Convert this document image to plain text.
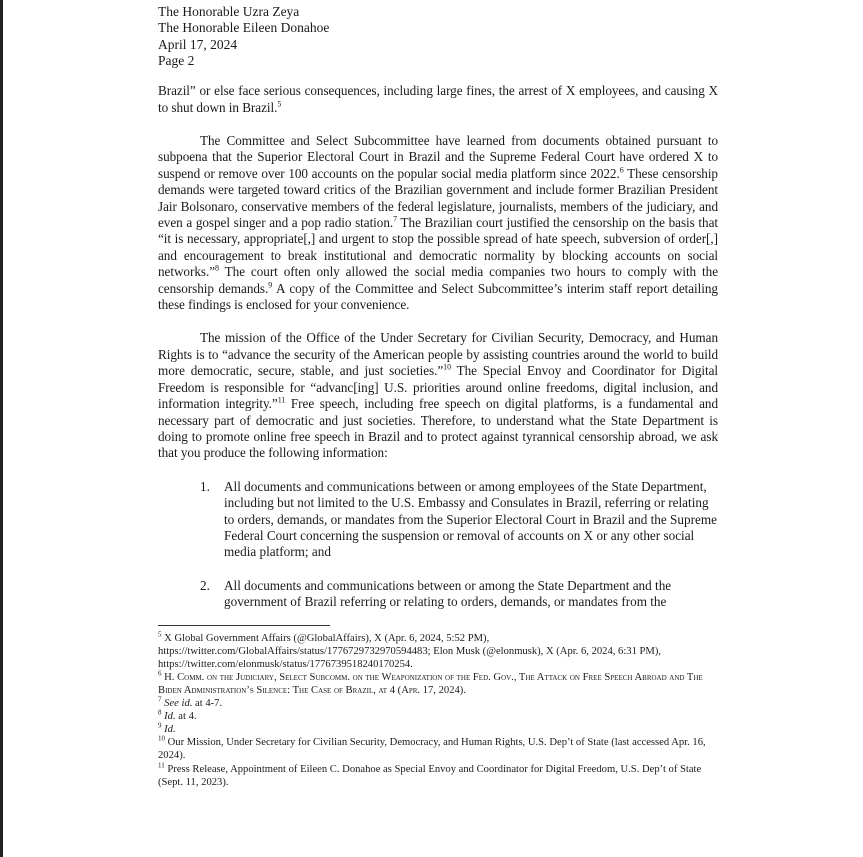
The Honorable Uzra Zeya

The Honorable Eileen Donahoe

April 17, 2024

Page 2

Brazil” or else face serious consequences, including large fines, the arrest of X employees, and causing X to shut down in Brazil.$^5$

The Committee and Select Subcommittee have learned from documents obtained pursuant to subpoena that the Superior Electoral Court in Brazil and the Supreme Federal Court have ordered X to suspend or remove over 100 accounts on the popular social media platform since 2022.$^6$ These censorship demands were targeted toward critics of the Brazilian government and include former Brazilian President Jair Bolsonaro, conservative members of the federal legislature, journalists, members of the judiciary, and even a gospel singer and a pop radio station.$^7$ The Brazilian court justified the censorship on the basis that “it is necessary, appropriate[,] and urgent to stop the possible spread of hate speech, subversion of order[,] and encouragement to break institutional and democratic normality by blocking accounts on social networks.”$^8$ The court often only allowed the social media companies two hours to comply with the censorship demands.$^9$ A copy of the Committee and Select Subcommittee’s interim staff report detailing these findings is enclosed for your convenience.

The mission of the Office of the Under Secretary for Civilian Security, Democracy, and Human Rights is to “advance the security of the American people by assisting countries around the world to build more democratic, secure, stable, and just societies.”$^{10}$ The Special Envoy and Coordinator for Digital Freedom is responsible for “advanc[ing] U.S. priorities around online freedoms, digital inclusion, and information integrity.”$^{11}$ Free speech, including free speech on digital platforms, is a fundamental and necessary part of democratic and just societies. Therefore, to understand what the State Department is doing to promote online free speech in Brazil and to protect against tyrannical censorship abroad, we ask that you produce the following information:

1. All documents and communications between or among employees of the State Department, including but not limited to the U.S. Embassy and Consulates in Brazil, referring or relating to orders, demands, or mandates from the Superior Electoral Court in Brazil and the Supreme Federal Court concerning the suspension or removal of accounts on X or any other social media platform; and
2. All documents and communications between or among the State Department and the government of Brazil referring or relating to orders, demands, or mandates from the

$^5$ X Global Government Affairs (@GlobalAffairs), X (Apr. 6, 2024, 5:52 PM), https://twitter.com/GlobalAffairs/status/1776729732970594483; Elon Musk (@elonmusk), X (Apr. 6, 2024, 6:31 PM), https://twitter.com/elonmusk/status/1776739518240170254.

$^6$ H. Comm. on the Judiciary, Select Subcomm. on the Weaponization of the Fed. Gov., The Attack on Free Speech Abroad and The Biden Administration’s Silence: The Case of Brazil, at 4 (Apr. 17, 2024).

$^7$ See id. at 4-7.

$^8$ Id. at 4.

$^9$ Id.

$^{10}$ Our Mission, Under Secretary for Civilian Security, Democracy, and Human Rights, U.S. Dep’t of State (last accessed Apr. 16, 2024).

$^{11}$ Press Release, Appointment of Eileen C. Donahoe as Special Envoy and Coordinator for Digital Freedom, U.S. Dep’t of State (Sept. 11, 2023).
